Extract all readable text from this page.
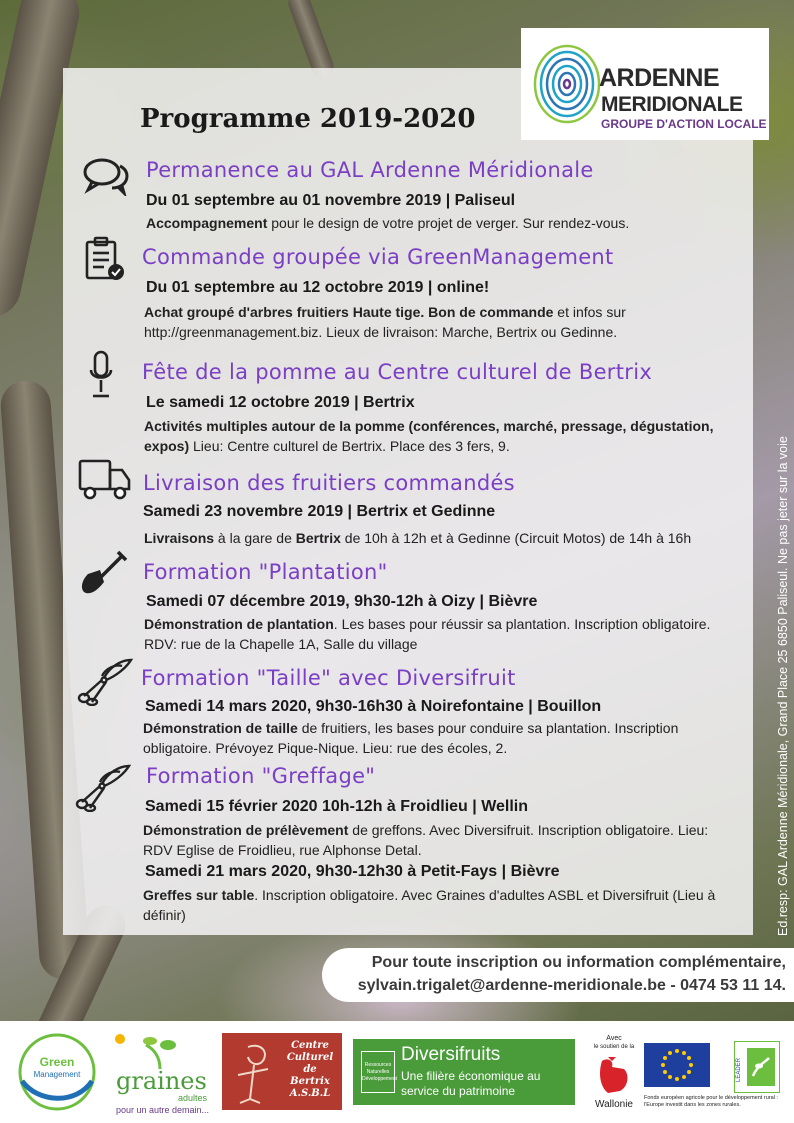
ARDENNE
MERIDIONALE
GROUPE D'ACTION LOCALE
Programme 2019-2020
Permanence au GAL Ardenne Méridionale
Du 01 septembre au 01 novembre 2019 | Paliseul
Accompagnement pour le design de votre projet de verger. Sur rendez-vous.
Commande groupée via GreenManagement
Du 01 septembre au 12 octobre 2019 | online!
Achat groupé d'arbres fruitiers Haute tige. Bon de commande et infos sur http://greenmanagement.biz. Lieux de livraison: Marche, Bertrix ou Gedinne.
Fête de la pomme au Centre culturel de Bertrix
Le samedi 12 octobre 2019 | Bertrix
Activités multiples autour de la pomme (conférences, marché, pressage, dégustation, expos) Lieu: Centre culturel de Bertrix. Place des 3 fers, 9.
Livraison des fruitiers commandés
Samedi 23 novembre 2019 | Bertrix et Gedinne
Livraisons à la gare de Bertrix de 10h à 12h et à Gedinne (Circuit Motos) de 14h à 16h
Formation "Plantation"
Samedi 07 décembre 2019, 9h30-12h à Oizy | Bièvre
Démonstration de plantation. Les bases pour réussir sa plantation. Inscription obligatoire. RDV: rue de la Chapelle 1A, Salle du village
Formation "Taille" avec Diversifruit
Samedi 14 mars 2020, 9h30-16h30 à Noirefontaine | Bouillon
Démonstration de taille de fruitiers, les bases pour conduire sa plantation. Inscription obligatoire. Prévoyez Pique-Nique. Lieu: rue des écoles, 2.
Formation "Greffage"
Samedi 15 février 2020 10h-12h à Froidlieu | Wellin
Démonstration de prélèvement de greffons. Avec Diversifruit. Inscription obligatoire. Lieu: RDV Eglise de Froidlieu, rue Alphonse Detal.
Samedi 21 mars 2020, 9h30-12h30 à Petit-Fays | Bièvre
Greffes sur table. Inscription obligatoire. Avec Graines d'adultes ASBL et Diversifruit (Lieu à définir)	Ed.resp: GAL Ardenne Méridionale, Grand Place 25 6850 Paliseul. Ne pas jeter sur la voie
Pour toute inscription ou information complémentaire,
sylvain.trigalet@ardenne-meridionale.be - 0474 53 11 14.
Green
Management	graines
adultes
pour un autre demain...
Centre
Culturel
de
Bertrix
A.S.B.L
Ressources Naturelles Développement
Diversifruits
Une filière économique au
service du patrimoine
Avec
le soutien de la
Wallonie
Fonds européen agricole pour le développement rural :
l'Europe investit dans les zones rurales.
LEADER
